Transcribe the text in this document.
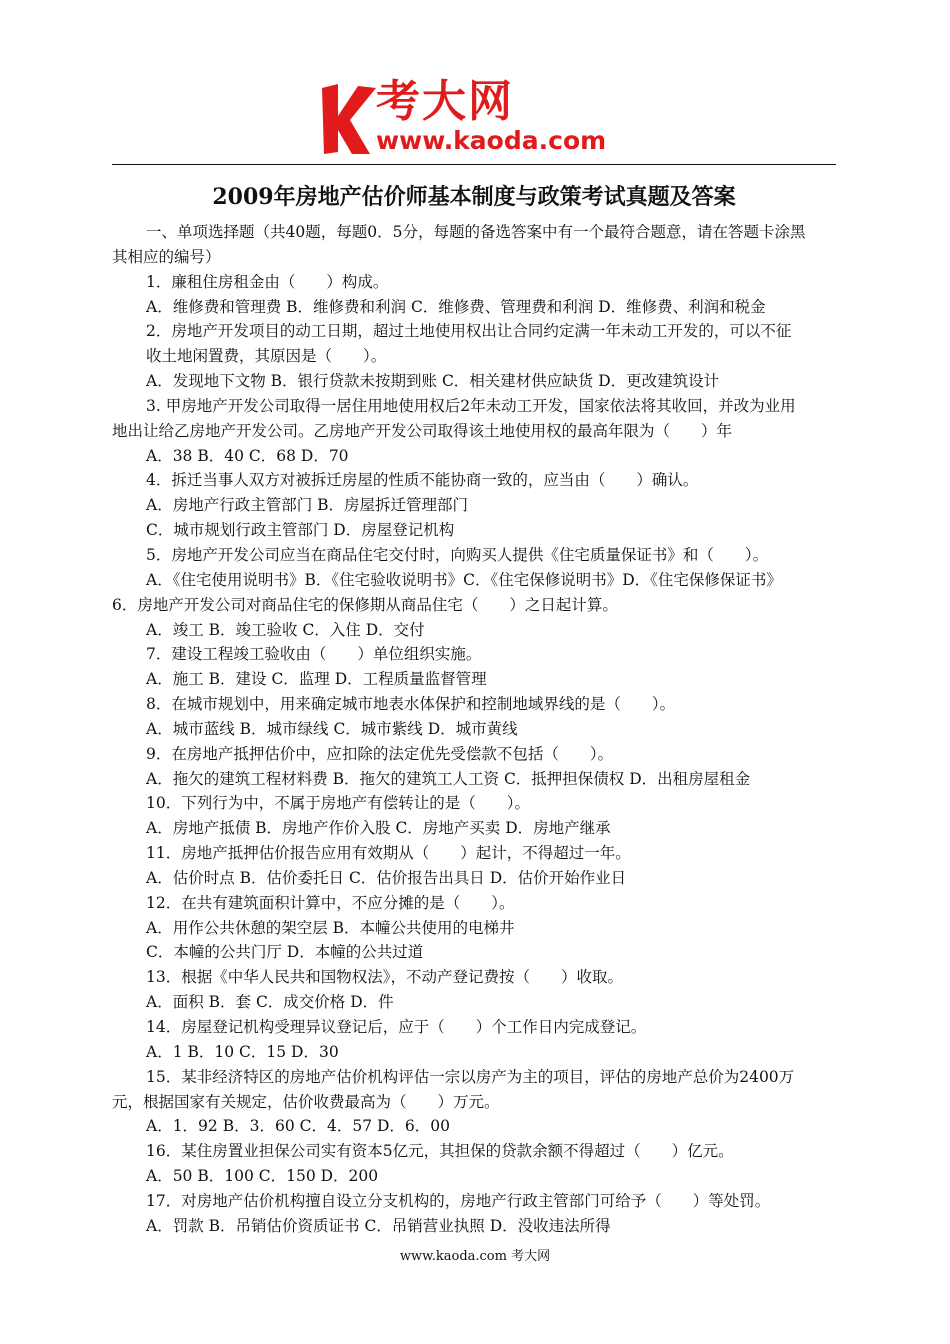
考大网
www.kaoda.com
2009年房地产估价师基本制度与政策考试真题及答案

一、单项选择题（共40题，每题0．5分，每题的备选答案中有一个最符合题意，请在答题卡涂黑

其相应的编号）

1．廉租住房租金由（　　）构成。

A．维修费和管理费 B．维修费和利润 C．维修费、管理费和利润 D．维修费、利润和税金

2．房地产开发项目的动工日期，超过土地使用权出让合同约定满一年未动工开发的，可以不征

收土地闲置费，其原因是（　　）。

A．发现地下文物 B．银行贷款未按期到账 C．相关建材供应缺货 D．更改建筑设计

3. 甲房地产开发公司取得一居住用地使用权后2年未动工开发，国家依法将其收回，并改为业用

地出让给乙房地产开发公司。乙房地产开发公司取得该土地使用权的最高年限为（　　）年

A．38 B．40 C．68 D．70

4．拆迁当事人双方对被拆迁房屋的性质不能协商一致的，应当由（　　）确认。

A．房地产行政主管部门 B．房屋拆迁管理部门

C．城市规划行政主管部门 D．房屋登记机构

5．房地产开发公司应当在商品住宅交付时，向购买人提供《住宅质量保证书》和（　　）。

A．《住宅使用说明书》B．《住宅验收说明书》C．《住宅保修说明书》D．《住宅保修保证书》

6．房地产开发公司对商品住宅的保修期从商品住宅（　　）之日起计算。

A．竣工 B．竣工验收 C．入住 D．交付

7．建设工程竣工验收由（　　）单位组织实施。

A．施工 B．建设 C．监理 D．工程质量监督管理

8．在城市规划中，用来确定城市地表水体保护和控制地域界线的是（　　）。

A．城市蓝线 B．城市绿线 C．城市紫线 D．城市黄线

9．在房地产抵押估价中，应扣除的法定优先受偿款不包括（　　）。

A．拖欠的建筑工程材料费 B．拖欠的建筑工人工资 C．抵押担保债权 D．出租房屋租金

10．下列行为中，不属于房地产有偿转让的是（　　）。

A．房地产抵债 B．房地产作价入股 C．房地产买卖 D．房地产继承

11．房地产抵押估价报告应用有效期从（　　）起计，不得超过一年。

A．估价时点 B．估价委托日 C．估价报告出具日 D．估价开始作业日

12．在共有建筑面积计算中，不应分摊的是（　　）。

A．用作公共休憩的架空层 B．本幢公共使用的电梯井

C．本幢的公共门厅 D．本幢的公共过道

13．根据《中华人民共和国物权法》，不动产登记费按（　　）收取。

A．面积 B．套 C．成交价格 D．件

14．房屋登记机构受理异议登记后，应于（　　）个工作日内完成登记。

A．1 B．10 C．15 D．30

15．某非经济特区的房地产估价机构评估一宗以房产为主的项目，评估的房地产总价为2400万

元，根据国家有关规定，估价收费最高为（　　）万元。

A．1．92 B．3．60 C．4．57 D．6．00

16．某住房置业担保公司实有资本5亿元，其担保的贷款余额不得超过（　　）亿元。

A．50 B．100 C．150 D．200

17．对房地产估价机构擅自设立分支机构的，房地产行政主管部门可给予（　　）等处罚。

A．罚款 B．吊销估价资质证书 C．吊销营业执照 D．没收违法所得

www.kaoda.com 考大网
